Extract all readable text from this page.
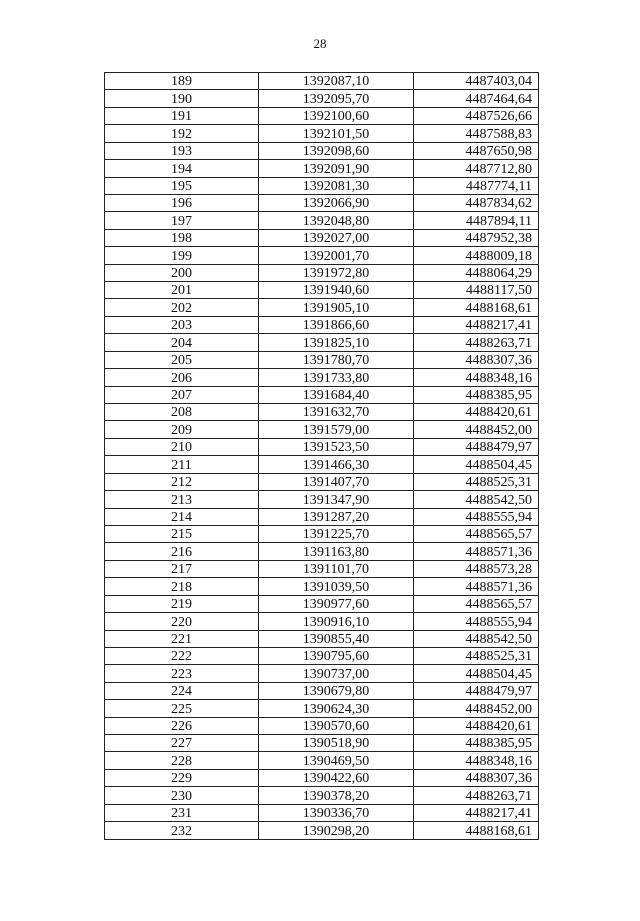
28
189	1392087,10	4487403,04
190	1392095,70	4487464,64
191	1392100,60	4487526,66
192	1392101,50	4487588,83
193	1392098,60	4487650,98
194	1392091,90	4487712,80
195	1392081,30	4487774,11
196	1392066,90	4487834,62
197	1392048,80	4487894,11
198	1392027,00	4487952,38
199	1392001,70	4488009,18
200	1391972,80	4488064,29
201	1391940,60	4488117,50
202	1391905,10	4488168,61
203	1391866,60	4488217,41
204	1391825,10	4488263,71
205	1391780,70	4488307,36
206	1391733,80	4488348,16
207	1391684,40	4488385,95
208	1391632,70	4488420,61
209	1391579,00	4488452,00
210	1391523,50	4488479,97
211	1391466,30	4488504,45
212	1391407,70	4488525,31
213	1391347,90	4488542,50
214	1391287,20	4488555,94
215	1391225,70	4488565,57
216	1391163,80	4488571,36
217	1391101,70	4488573,28
218	1391039,50	4488571,36
219	1390977,60	4488565,57
220	1390916,10	4488555,94
221	1390855,40	4488542,50
222	1390795,60	4488525,31
223	1390737,00	4488504,45
224	1390679,80	4488479,97
225	1390624,30	4488452,00
226	1390570,60	4488420,61
227	1390518,90	4488385,95
228	1390469,50	4488348,16
229	1390422,60	4488307,36
230	1390378,20	4488263,71
231	1390336,70	4488217,41
232	1390298,20	4488168,61
